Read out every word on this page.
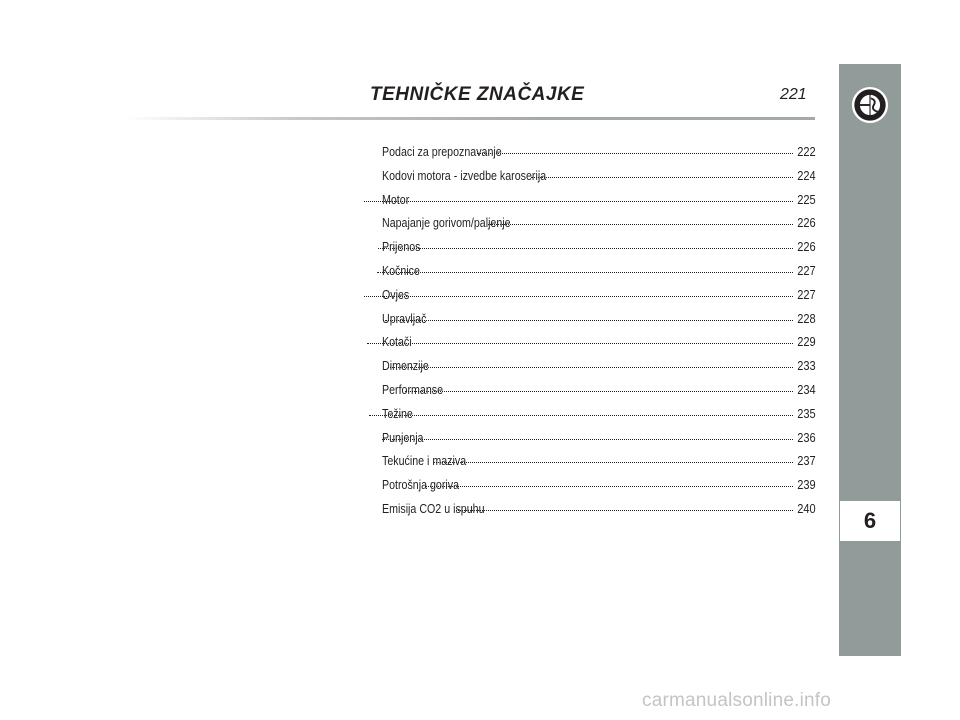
TEHNIČKE ZNAČAJKE	221
6
Podaci za prepoznavanje	222
Kodovi motora - izvedbe karoserija	224
Motor	225
Napajanje gorivom/paljenje	226
Prijenos	226
Kočnice	227
Ovjes	227
Upravljač	228
Kotači	229
Dimenzije	233
Performanse	234
Težine	235
Punjenja	236
Tekućine i maziva	237
Potrošnja goriva	239
Emisija CO2 u ispuhu	240
carmanualsonline.info
